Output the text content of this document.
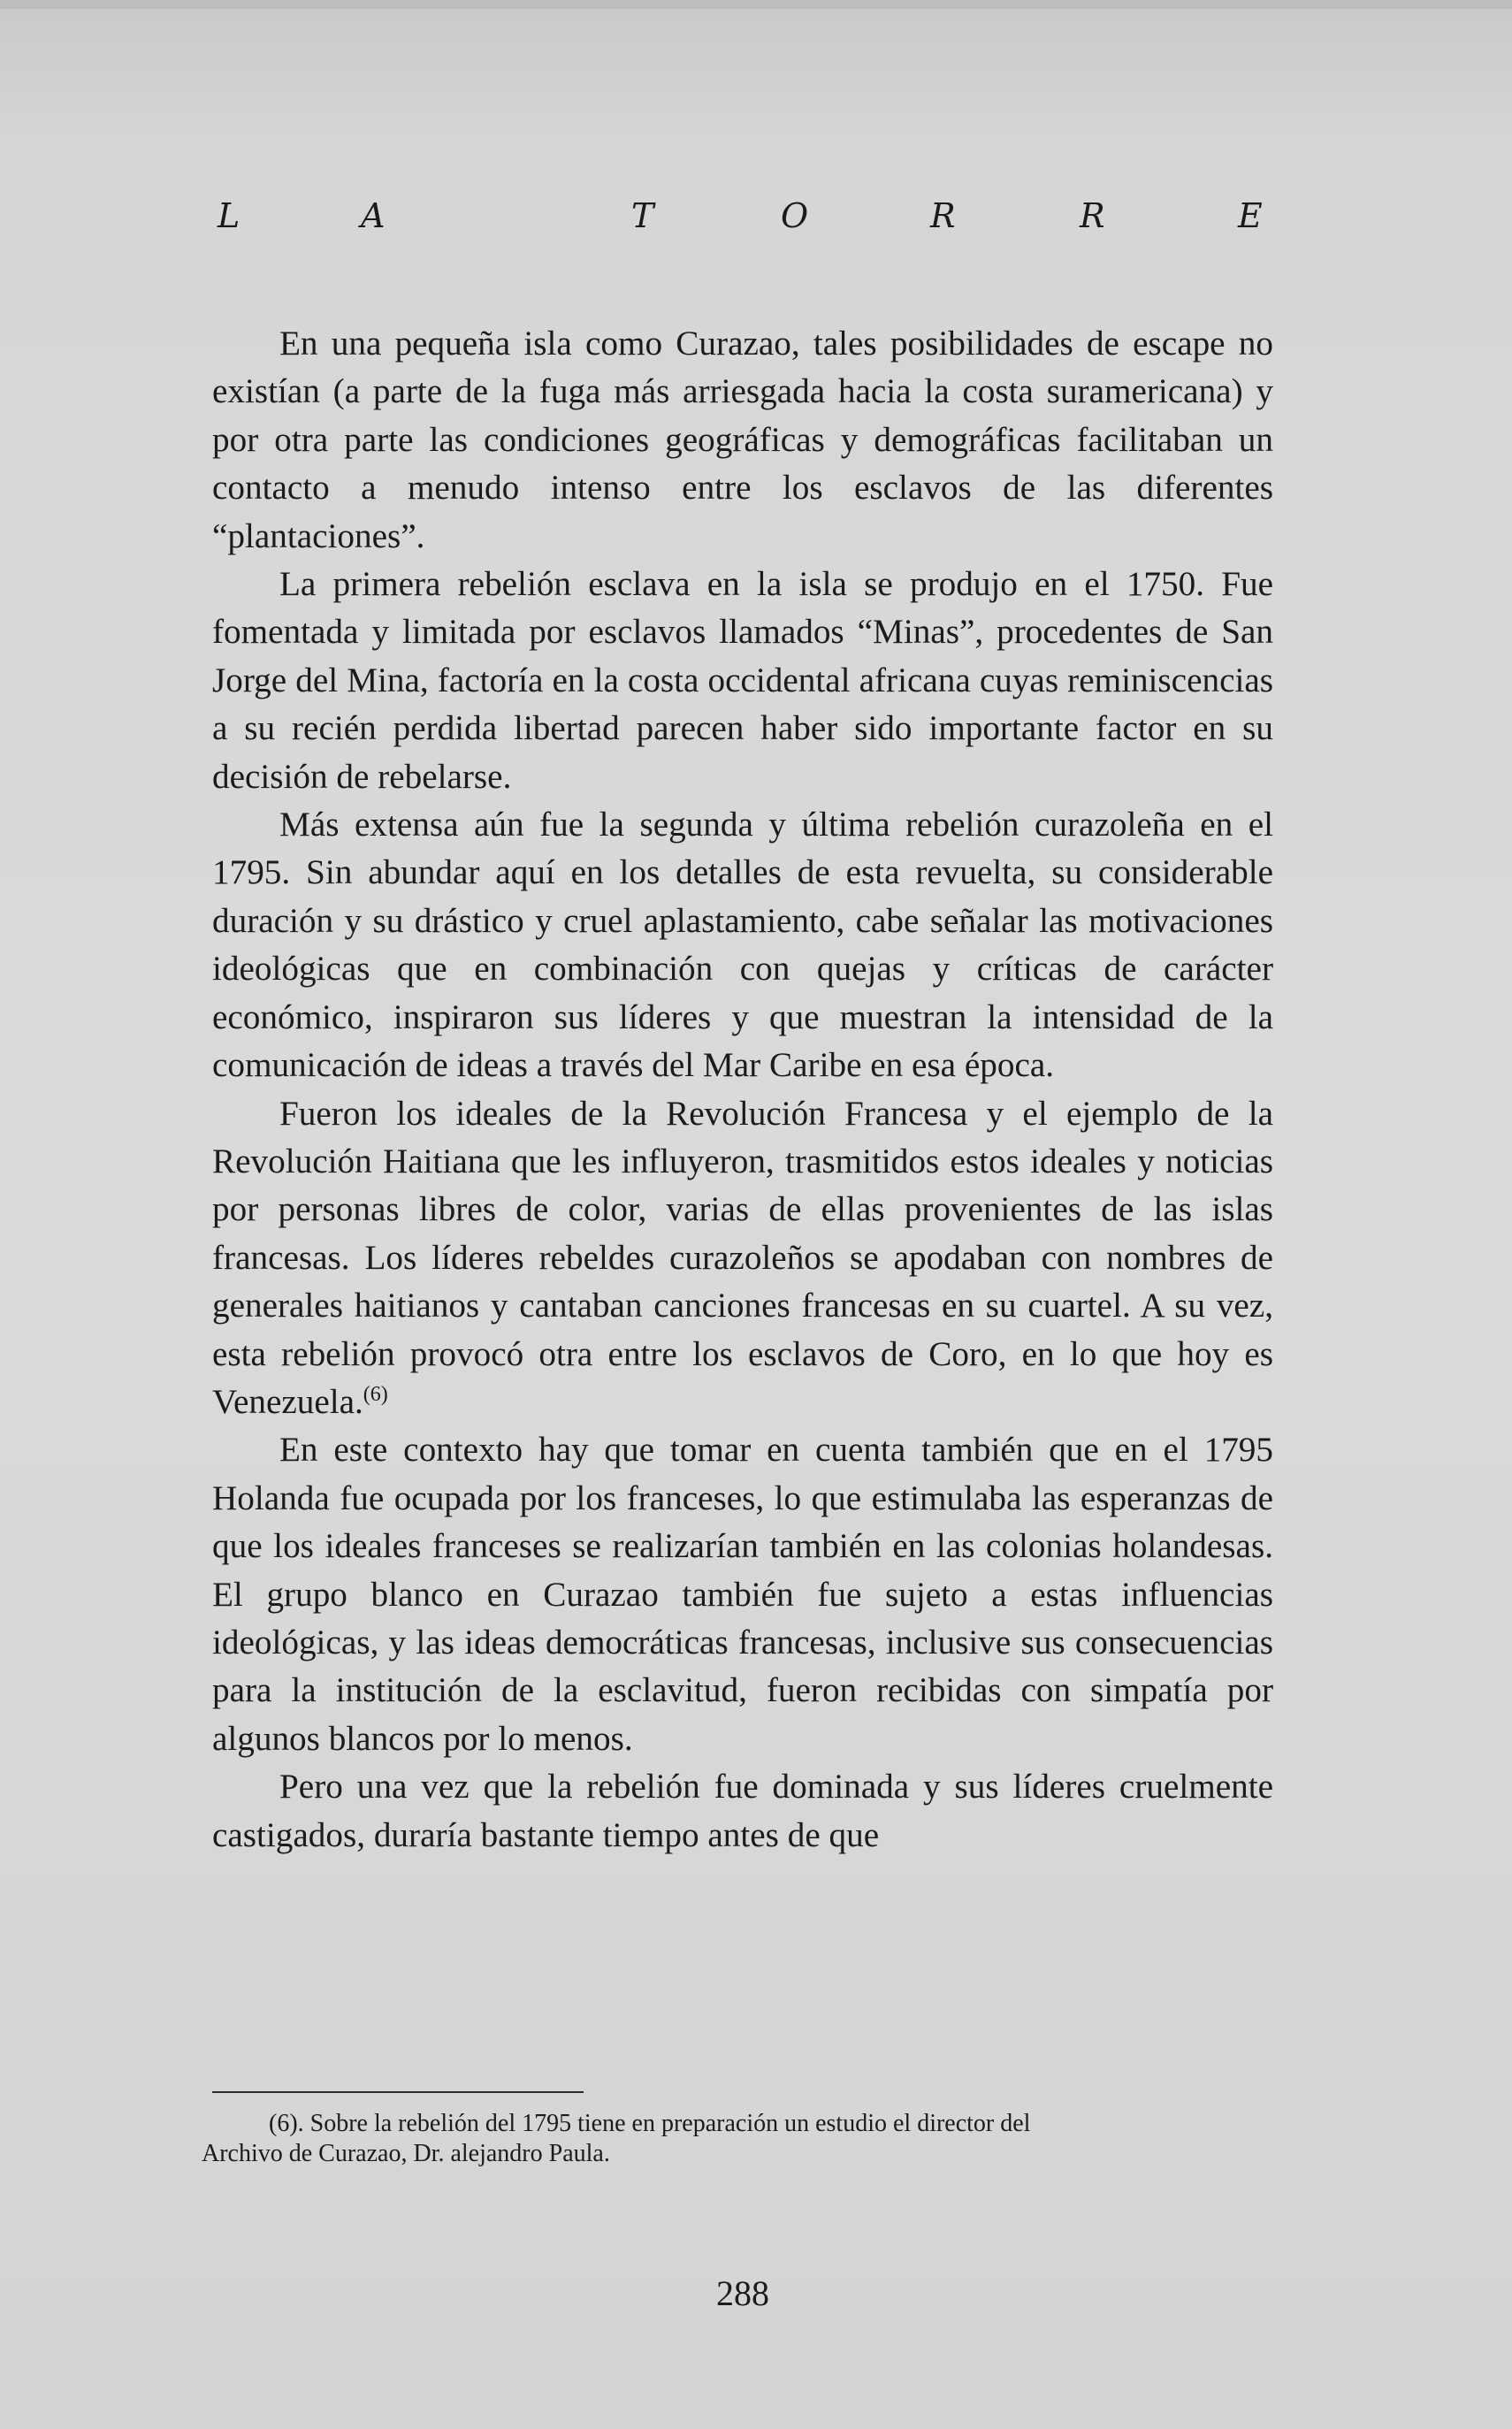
L	A	T	O	R	R	E

En una pequeña isla como Curazao, tales posibilidades de escape no existían (a parte de la fuga más arriesgada hacia la costa suramericana) y por otra parte las condiciones geográficas y demográficas facilitaban un contacto a menudo intenso entre los esclavos de las diferentes “plantaciones”.

La primera rebelión esclava en la isla se produjo en el 1750. Fue fomentada y limitada por esclavos llamados “Minas”, procedentes de San Jorge del Mina, factoría en la costa occidental africana cuyas reminiscencias a su recién perdida libertad parecen haber sido importante factor en su decisión de rebelarse.

Más extensa aún fue la segunda y última rebelión curazoleña en el 1795. Sin abundar aquí en los detalles de esta revuelta, su considerable duración y su drástico y cruel aplastamiento, cabe señalar las motivaciones ideológicas que en combinación con quejas y críticas de carácter económico, inspiraron sus líderes y que muestran la intensidad de la comunicación de ideas a través del Mar Caribe en esa época.

Fueron los ideales de la Revolución Francesa y el ejemplo de la Revolución Haitiana que les influyeron, trasmitidos estos ideales y noticias por personas libres de color, varias de ellas provenientes de las islas francesas. Los líderes rebeldes curazoleños se apodaban con nombres de generales haitianos y cantaban canciones francesas en su cuartel. A su vez, esta rebelión provocó otra entre los esclavos de Coro, en lo que hoy es Venezuela.$^{(6)}$

En este contexto hay que tomar en cuenta también que en el 1795 Holanda fue ocupada por los franceses, lo que estimulaba las esperanzas de que los ideales franceses se realizarían también en las colonias holandesas. El grupo blanco en Curazao también fue sujeto a estas influencias ideológicas, y las ideas democráticas francesas, inclusive sus consecuencias para la institución de la esclavitud, fueron recibidas con simpatía por algunos blancos por lo menos.

Pero una vez que la rebelión fue dominada y sus líderes cruelmente castigados, duraría bastante tiempo antes de que

(6). Sobre la rebelión del 1795 tiene en preparación un estudio el director del
Archivo de Curazao, Dr. alejandro Paula.
288
